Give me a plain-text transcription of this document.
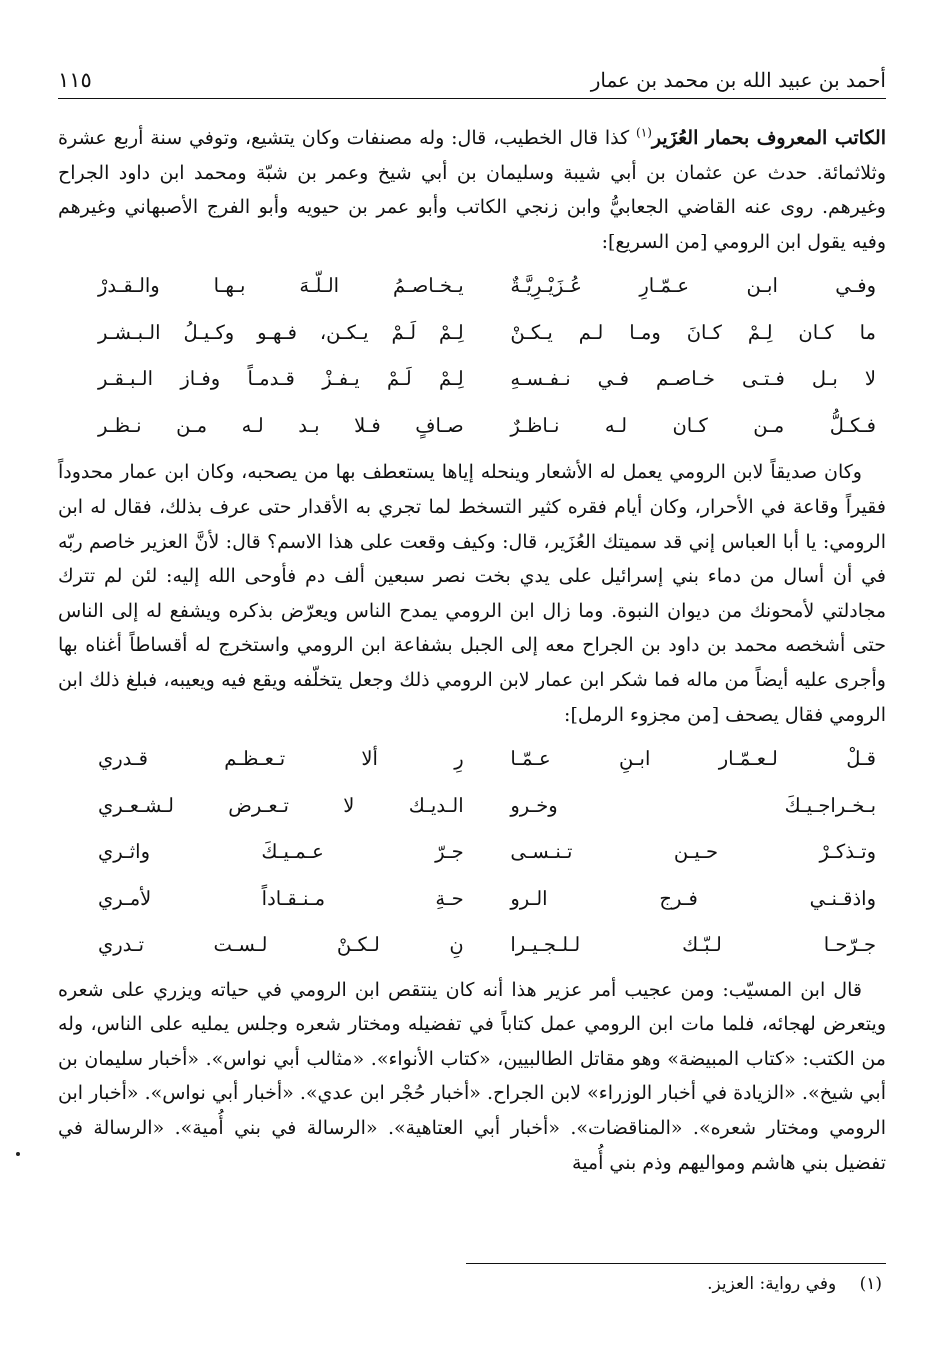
أحمد بن عبيد الله بن محمد بن عمار
١١٥

الكاتب المعروف بحمار العُزَير$^{(١)}$ كذا قال الخطيب، قال: وله مصنفات وكان يتشيع، وتوفي سنة أربع عشرة وثلاثمائة. حدث عن عثمان بن أبي شيبة وسليمان بن أبي شيخ وعمر بن شبّة ومحمد ابن داود الجراح وغيرهم. روى عنه القاضي الجعابيُّ وابن زنجي الكاتب وأبو عمر بن حيويه وأبو الفرج الأصبهاني وغيرهم وفيه يقول ابن الرومي [من السريع]:

وفـي ابـن عـمّـارِ عُـزَيْـرِيَّـةٌ
يـخـاصـمُ الـلّـهَ بـهـا والـقـدرْ
ما كـان لِـمْ كـانَ ومـا لـم يـكـنْ
لِـمْ لَـمْ يـكـن، فـهـو وكـيـلُ الـبـشـر
لا بـل فـتـى خـاصـم فـي نـفـسـهِ
لِـمْ لَـمْ يـفـزْ قـدمـاً وفـاز الـبـقـر
فـكـلُّ مـن كـان لـه نـاظـرٌ
صـافٍ فـلا بـد لـه مـن نـظـر

وكان صديقاً لابن الرومي يعمل له الأشعار وينحله إياها يستعطف بها من يصحبه، وكان ابن عمار محدوداً فقيراً وقاعة في الأحرار، وكان أيام فقره كثير التسخط لما تجري به الأقدار حتى عرف بذلك، فقال له ابن الرومي: يا أبا العباس إني قد سميتك العُزَير، قال: وكيف وقعت على هذا الاسم؟ قال: لأنَّ العزير خاصم ربّه في أن أسال من دماء بني إسرائيل على يدي بخت نصر سبعين ألف دم فأوحى الله إليه: لئن لم تترك مجادلتي لأمحونك من ديوان النبوة. وما زال ابن الرومي يمدح الناس ويعرّض بذكره ويشفع له إلى الناس حتى أشخصه محمد بن داود بن الجراح معه إلى الجبل بشفاعة ابن الرومي واستخرج له أقساطاً أغناه بها وأجرى عليه أيضاً من ماله فما شكر ابن عمار لابن الرومي ذلك وجعل يتخلّفه ويقع فيه ويعيبه، فبلغ ذلك ابن الرومي فقال يصحف [من مجزوء الرمل]:

قـلْ لـعـمّـار ابـنِ عـمّـا
رِ ألا تـعـظـم قـدري
بـخـراجـيـكَ وخـرو
الـديـك لا تـعـرض لـشـعـري
وتـذكـرْ حـيـن تـنـسـى
جـرّ عـمـيـكَ واثـري
واذقـنـي فـرج الـرو
حـةِ مـنـقـاداً لأمـري
جـرّحـا لـبّـك لـلـجـيـرا
نِ لـكـنْ لـسـت تـدري

قال ابن المسيّب: ومن عجيب أمر عزير هذا أنه كان ينتقص ابن الرومي في حياته ويزري على شعره ويتعرض لهجائه، فلما مات ابن الرومي عمل كتاباً في تفضيله ومختار شعره وجلس يمليه على الناس، وله من الكتب: «كتاب المبيضة» وهو مقاتل الطالبيين، «كتاب الأنواء». «مثالب أبي نواس». «أخبار سليمان بن أبي شيخ». «الزيادة في أخبار الوزراء» لابن الجراح. «أخبار حُجْر ابن عدي». «أخبار أبي نواس». «أخبار ابن الرومي ومختار شعره». «المناقضات». «أخبار أبي العتاهية». «الرسالة في بني أُمية». «الرسالة في تفضيل بني هاشم ومواليهم وذم بني أُمية

(١) وفي رواية: العزيز.
